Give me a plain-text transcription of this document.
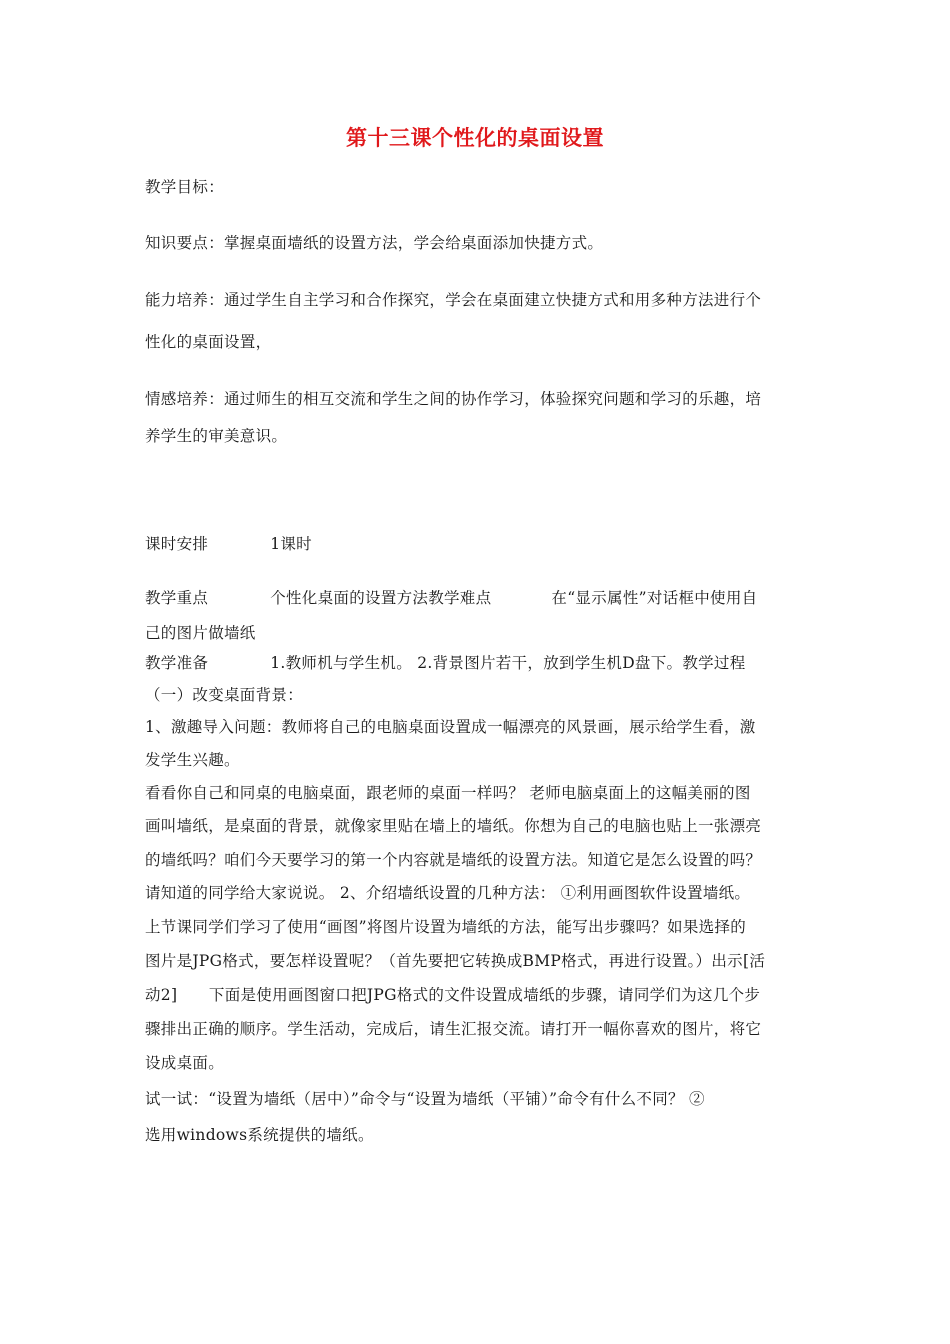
第十三课个性化的桌面设置
教学目标：
知识要点：掌握桌面墙纸的设置方法，学会给桌面添加快捷方式。
能力培养：通过学生自主学习和合作探究，学会在桌面建立快捷方式和用多种方法进行个
性化的桌面设置，
情感培养：通过师生的相互交流和学生之间的协作学习，体验探究问题和学习的乐趣，培
养学生的审美意识。
课时安排	1课时
教学重点	个性化桌面的设置方法教学难点	在“显示属性”对话框中使用自
己的图片做墙纸
教学准备	1.教师机与学生机。 2.背景图片若干，放到学生机D盘下。教学过程
（一）改变桌面背景：
1、激趣导入问题：教师将自己的电脑桌面设置成一幅漂亮的风景画，展示给学生看，激
发学生兴趣。
看看你自己和同桌的电脑桌面，跟老师的桌面一样吗？ 老师电脑桌面上的这幅美丽的图
画叫墙纸，是桌面的背景，就像家里贴在墙上的墙纸。你想为自己的电脑也贴上一张漂亮
的墙纸吗？咱们今天要学习的第一个内容就是墙纸的设置方法。知道它是怎么设置的吗？
请知道的同学给大家说说。 2、介绍墙纸设置的几种方法： ①利用画图软件设置墙纸。
上节课同学们学习了使用“画图”将图片设置为墙纸的方法，能写出步骤吗？如果选择的
图片是JPG格式，要怎样设置呢？（首先要把它转换成BMP格式，再进行设置。）出示[活
动2]　　下面是使用画图窗口把JPG格式的文件设置成墙纸的步骤，请同学们为这几个步
骤排出正确的顺序。学生活动，完成后，请生汇报交流。请打开一幅你喜欢的图片，将它
设成桌面。
试一试：“设置为墙纸（居中）”命令与“设置为墙纸（平铺）”命令有什么不同？ ②
选用windows系统提供的墙纸。
